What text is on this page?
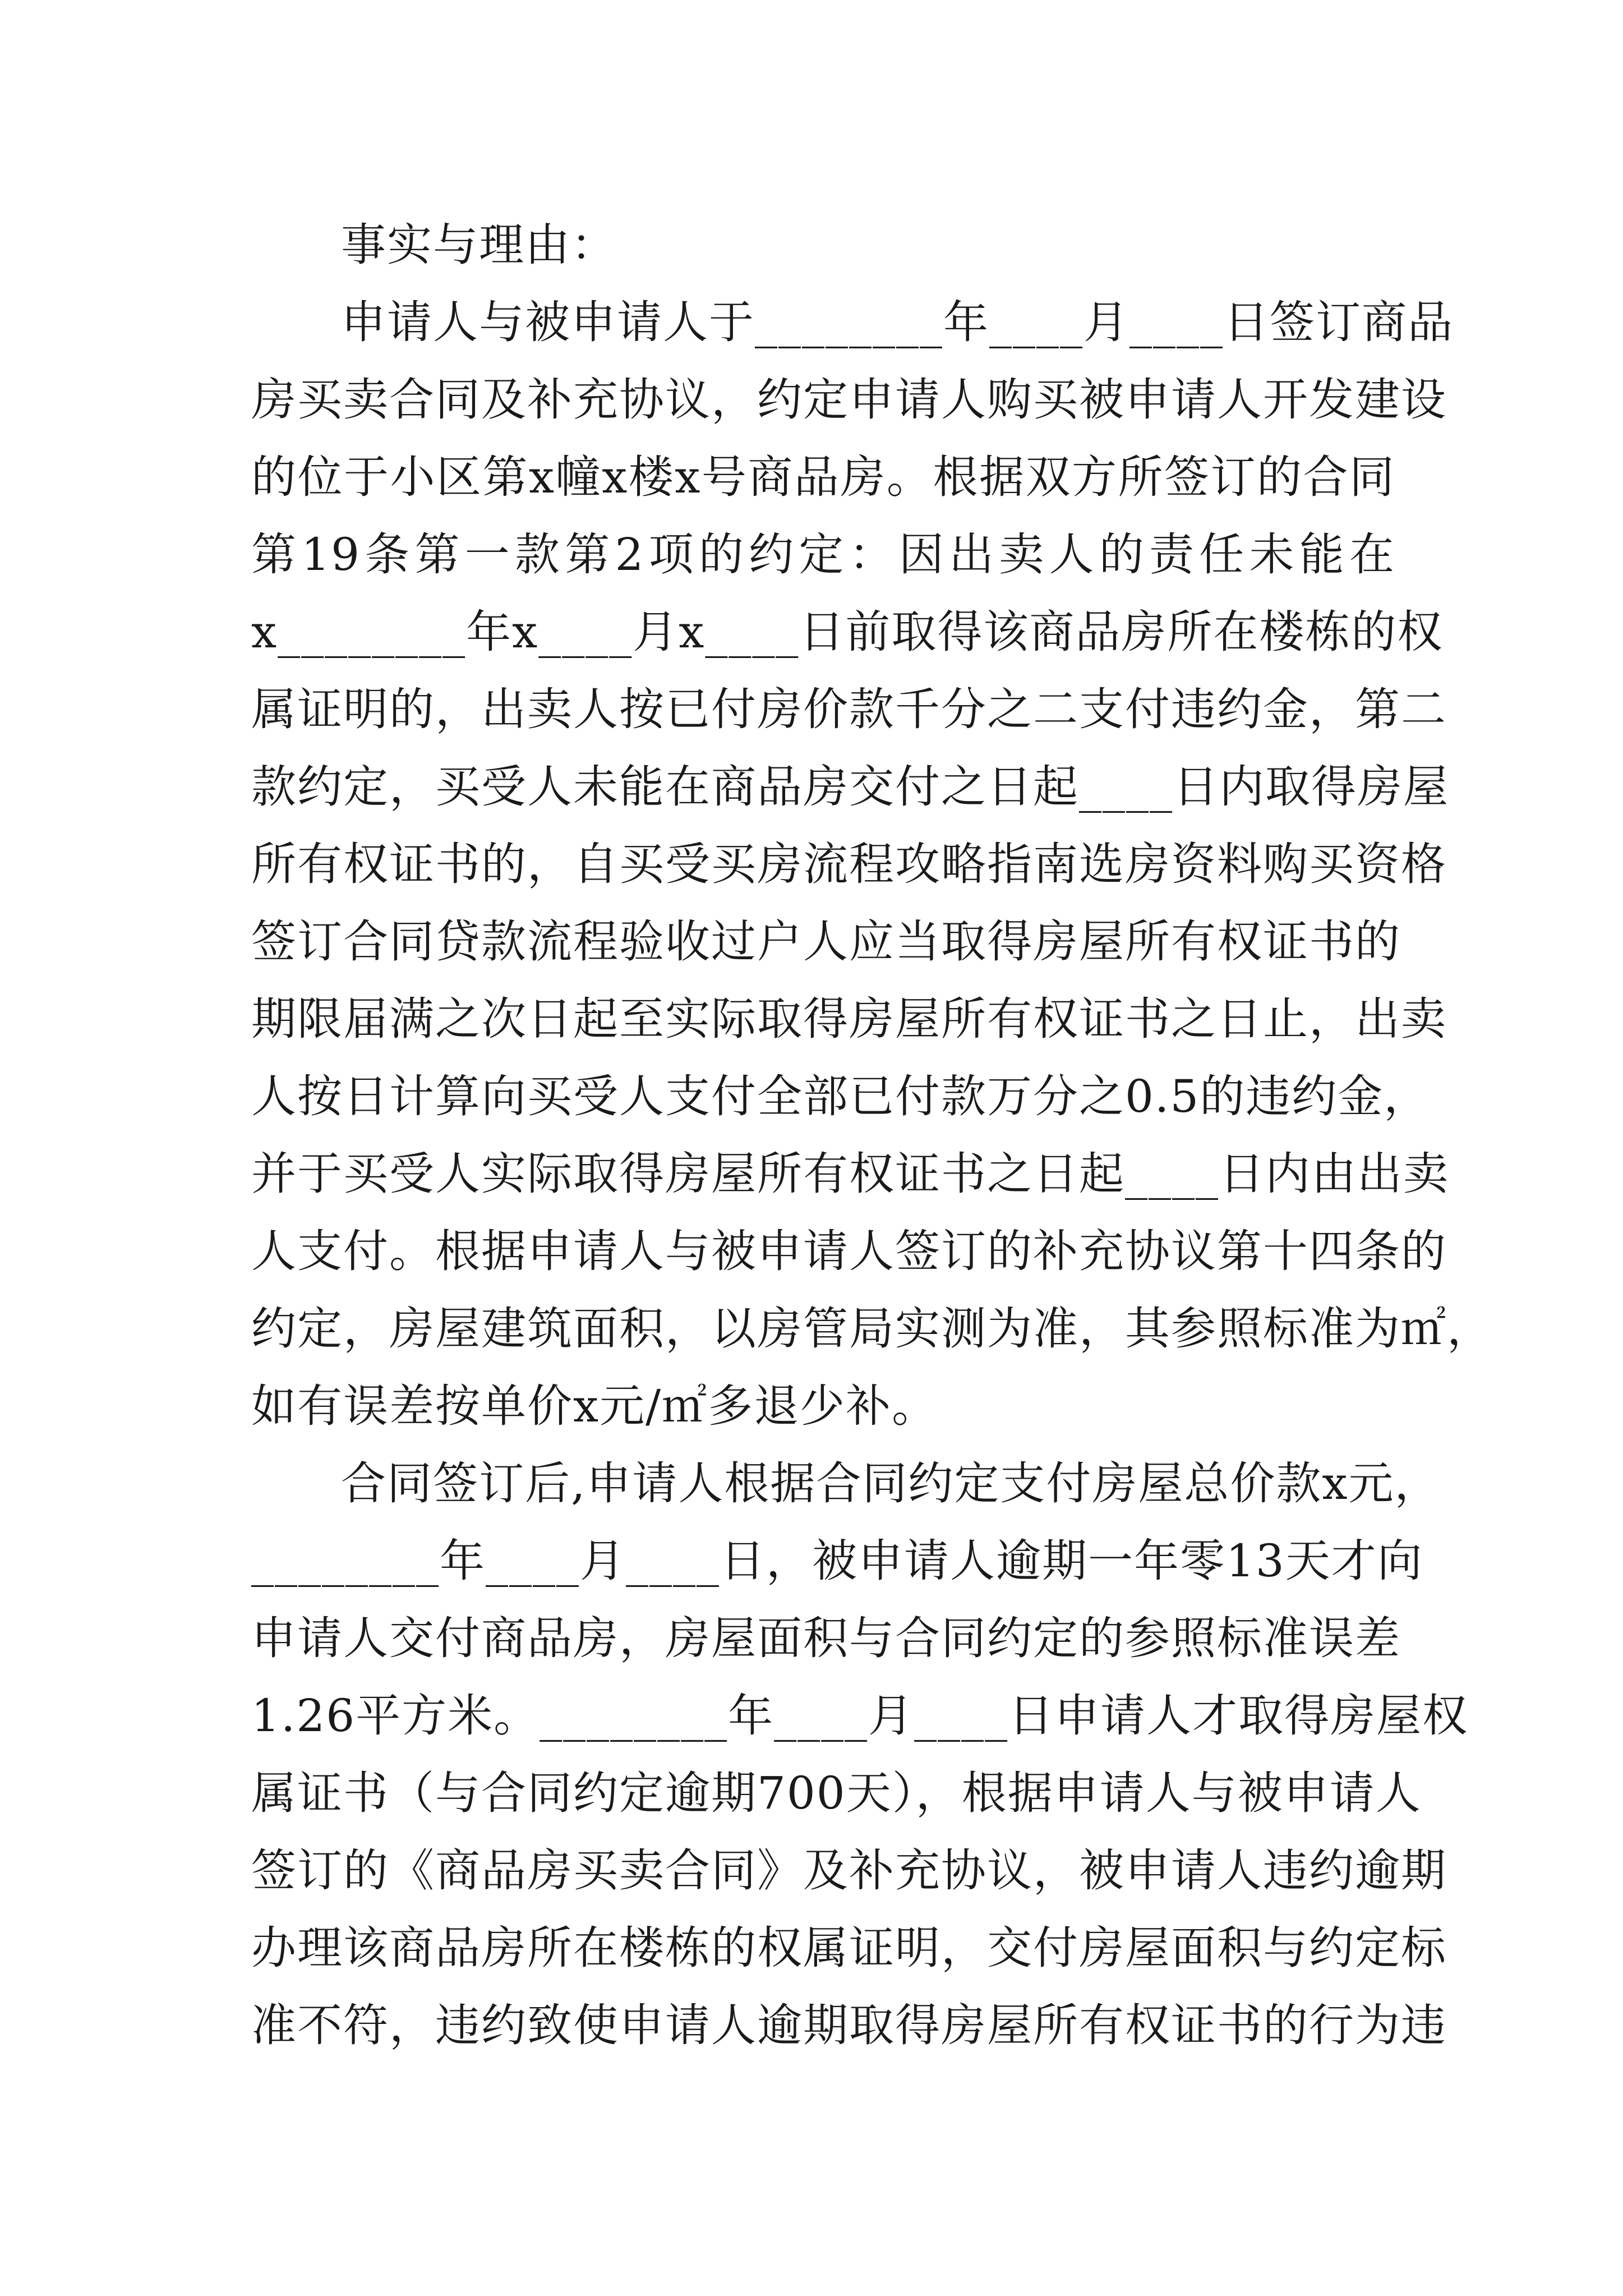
事实与理由：
申请人与被申请人于________年____月____日签订商品
房买卖合同及补充协议，约定申请人购买被申请人开发建设
的位于小区第x幢x楼x号商品房。根据双方所签订的合同
第19条第一款第2项的约定：因出卖人的责任未能在
x________年x____月x____日前取得该商品房所在楼栋的权
属证明的，出卖人按已付房价款千分之二支付违约金，第二
款约定，买受人未能在商品房交付之日起____日内取得房屋
所有权证书的，自买受买房流程攻略指南选房资料购买资格
签订合同贷款流程验收过户人应当取得房屋所有权证书的
期限届满之次日起至实际取得房屋所有权证书之日止，出卖
人按日计算向买受人支付全部已付款万分之0.5的违约金，
并于买受人实际取得房屋所有权证书之日起____日内由出卖
人支付。根据申请人与被申请人签订的补充协议第十四条的
约定，房屋建筑面积，以房管局实测为准，其参照标准为㎡，
如有误差按单价x元/㎡多退少补。
合同签订后,申请人根据合同约定支付房屋总价款x元，
________年____月____日，被申请人逾期一年零13天才向
申请人交付商品房，房屋面积与合同约定的参照标准误差
1.26平方米。________年____月____日申请人才取得房屋权
属证书（与合同约定逾期700天），根据申请人与被申请人
签订的《商品房买卖合同》及补充协议，被申请人违约逾期
办理该商品房所在楼栋的权属证明，交付房屋面积与约定标
准不符，违约致使申请人逾期取得房屋所有权证书的行为违
